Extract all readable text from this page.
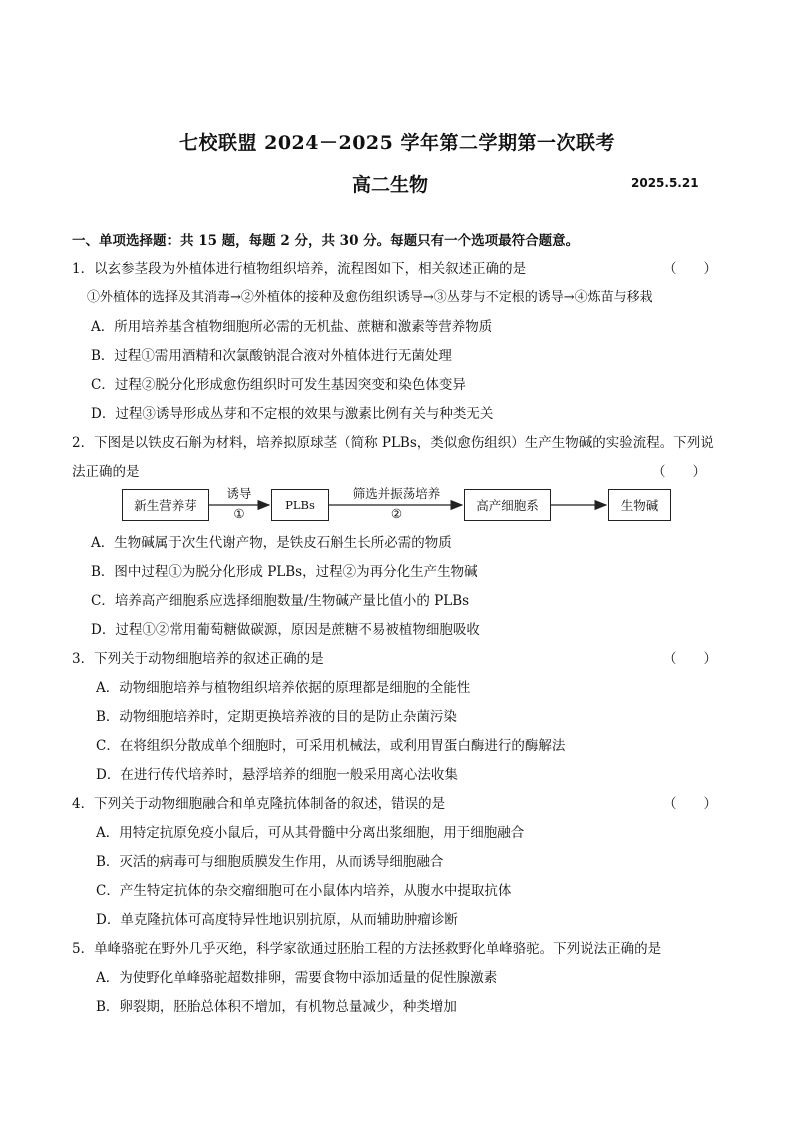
七校联盟 2024－2025 学年第二学期第一次联考
高二生物	2025.5.21
一、单项选择题：共 15 题，每题 2 分，共 30 分。每题只有一个选项最符合题意。
1．以玄参茎段为外植体进行植物组织培养，流程图如下，相关叙述正确的是	（　　）
①外植体的选择及其消毒→②外植体的接种及愈伤组织诱导→③丛芽与不定根的诱导→④炼苗与移栽
A．所用培养基含植物细胞所必需的无机盐、蔗糖和激素等营养物质
B．过程①需用酒精和次氯酸钠混合液对外植体进行无菌处理
C．过程②脱分化形成愈伤组织时可发生基因突变和染色体变异
D．过程③诱导形成丛芽和不定根的效果与激素比例有关与种类无关
2．下图是以铁皮石斛为材料，培养拟原球茎（简称 PLBs，类似愈伤组织）生产生物碱的实验流程。下列说
法正确的是	（　　）
新生营养芽
诱导
①
PLBs
筛选并振荡培养
②
高产细胞系	生物碱
A．生物碱属于次生代谢产物，是铁皮石斛生长所必需的物质
B．图中过程①为脱分化形成 PLBs，过程②为再分化生产生物碱
C．培养高产细胞系应选择细胞数量/生物碱产量比值小的 PLBs
D．过程①②常用葡萄糖做碳源，原因是蔗糖不易被植物细胞吸收
3．下列关于动物细胞培养的叙述正确的是	（　　）
A．动物细胞培养与植物组织培养依据的原理都是细胞的全能性
B．动物细胞培养时，定期更换培养液的目的是防止杂菌污染
C．在将组织分散成单个细胞时，可采用机械法，或利用胃蛋白酶进行的酶解法
D．在进行传代培养时，悬浮培养的细胞一般采用离心法收集
4．下列关于动物细胞融合和单克隆抗体制备的叙述，错误的是	（　　）
A．用特定抗原免疫小鼠后，可从其骨髓中分离出浆细胞，用于细胞融合
B．灭活的病毒可与细胞质膜发生作用，从而诱导细胞融合
C．产生特定抗体的杂交瘤细胞可在小鼠体内培养，从腹水中提取抗体
D．单克隆抗体可高度特异性地识别抗原，从而辅助肿瘤诊断
5．单峰骆驼在野外几乎灭绝，科学家欲通过胚胎工程的方法拯救野化单峰骆驼。下列说法正确的是
A．为使野化单峰骆驼超数排卵，需要食物中添加适量的促性腺激素
B．卵裂期，胚胎总体积不增加，有机物总量减少，种类增加
